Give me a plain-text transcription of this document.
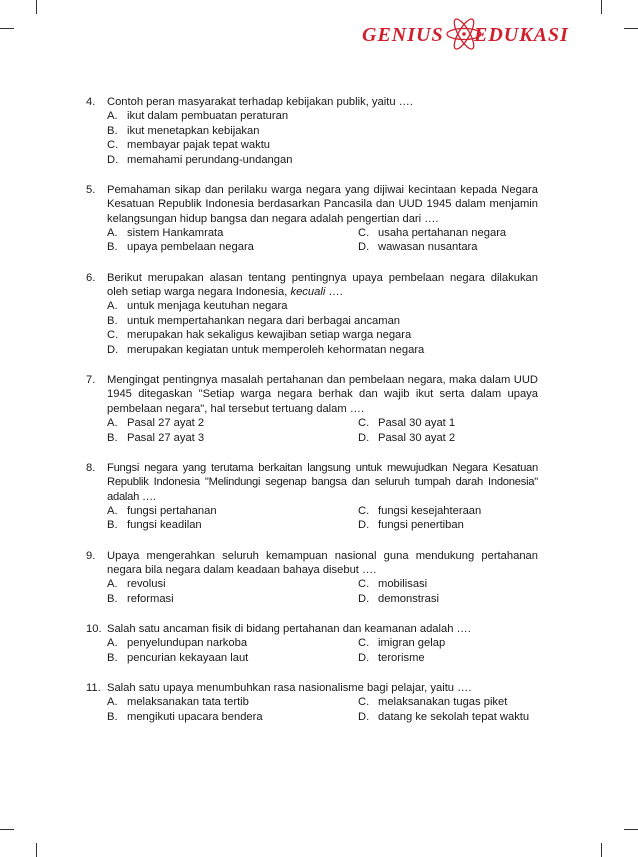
GENIUS EDUKASI
4.	Contoh peran masyarakat terhadap kebijakan publik, yaitu ….
A. ikut dalam pembuatan peraturan
B. ikut menetapkan kebijakan
C. membayar pajak tepat waktu
D. memahami perundang-undangan
5.	Pemahaman sikap dan perilaku warga negara yang dijiwai kecintaan kepada Negara Kesatuan Republik Indonesia berdasarkan Pancasila dan UUD 1945 dalam menjamin kelangsungan hidup bangsa dan negara adalah pengertian dari ….
A. sistem Hankamrata	C. usaha pertahanan negara
B. upaya pembelaan negara	D. wawasan nusantara
6.	Berikut merupakan alasan tentang pentingnya upaya pembelaan negara dilakukan oleh setiap warga negara Indonesia, kecuali ….
A. untuk menjaga keutuhan negara
B. untuk mempertahankan negara dari berbagai ancaman
C. merupakan hak sekaligus kewajiban setiap warga negara
D. merupakan kegiatan untuk memperoleh kehormatan negara
7.	Mengingat pentingnya masalah pertahanan dan pembelaan negara, maka dalam UUD 1945 ditegaskan "Setiap warga negara berhak dan wajib ikut serta dalam upaya pembelaan negara", hal tersebut tertuang dalam ….
A. Pasal 27 ayat 2	C. Pasal 30 ayat 1
B. Pasal 27 ayat 3	D. Pasal 30 ayat 2
8.	Fungsi negara yang terutama berkaitan langsung untuk mewujudkan Negara Kesatuan Republik Indonesia "Melindungi segenap bangsa dan seluruh tumpah darah Indonesia" adalah ….
A. fungsi pertahanan	C. fungsi kesejahteraan
B. fungsi keadilan	D. fungsi penertiban
9.	Upaya mengerahkan seluruh kemampuan nasional guna mendukung pertahanan negara bila negara dalam keadaan bahaya disebut ….
A. revolusi	C. mobilisasi
B. reformasi	D. demonstrasi
10. Salah satu ancaman fisik di bidang pertahanan dan keamanan adalah ….
A. penyelundupan narkoba	C. imigran gelap
B. pencurian kekayaan laut	D. terorisme
11. Salah satu upaya menumbuhkan rasa nasionalisme bagi pelajar, yaitu ….
A. melaksanakan tata tertib	C. melaksanakan tugas piket
B. mengikuti upacara bendera	D. datang ke sekolah tepat waktu
